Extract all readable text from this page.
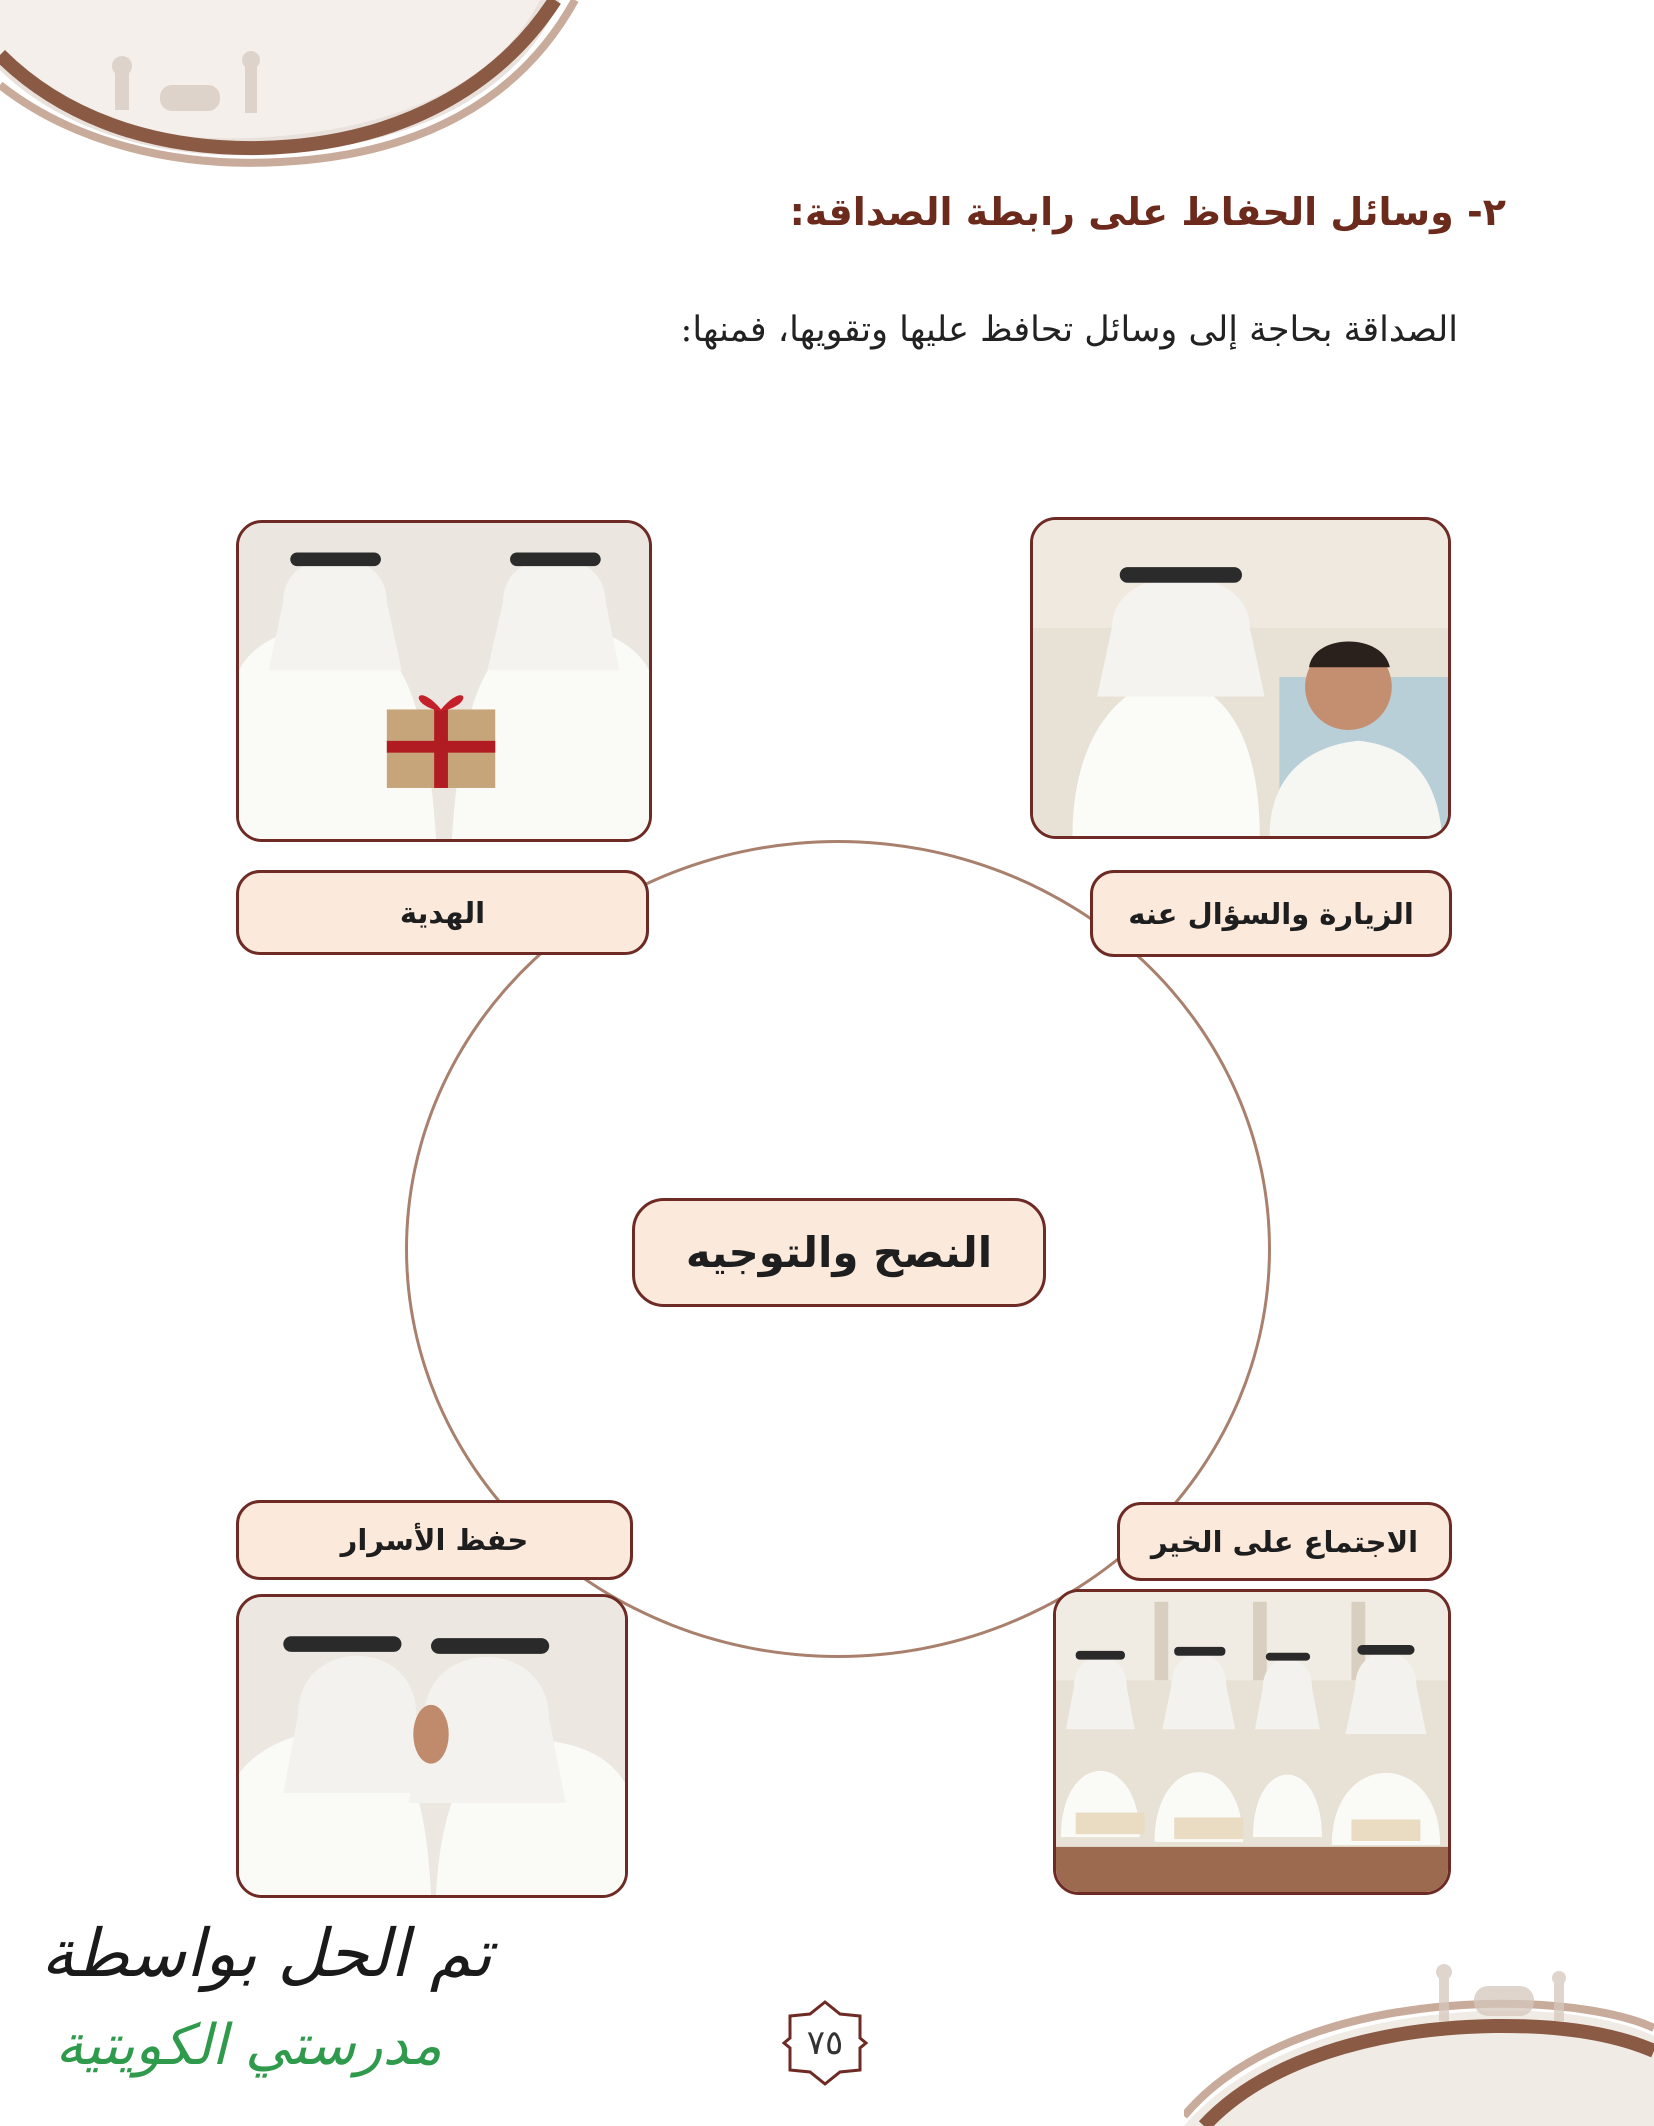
٢- وسائل الحفاظ على رابطة الصداقة:
الصداقة بحاجة إلى وسائل تحافظ عليها وتقويها، فمنها:
الزيارة والسؤال عنه
الهدية
حفظ الأسرار	الاجتماع على الخير
النصح والتوجيه
٧٥
تم الحل بواسطة
مدرستي الكويتية
